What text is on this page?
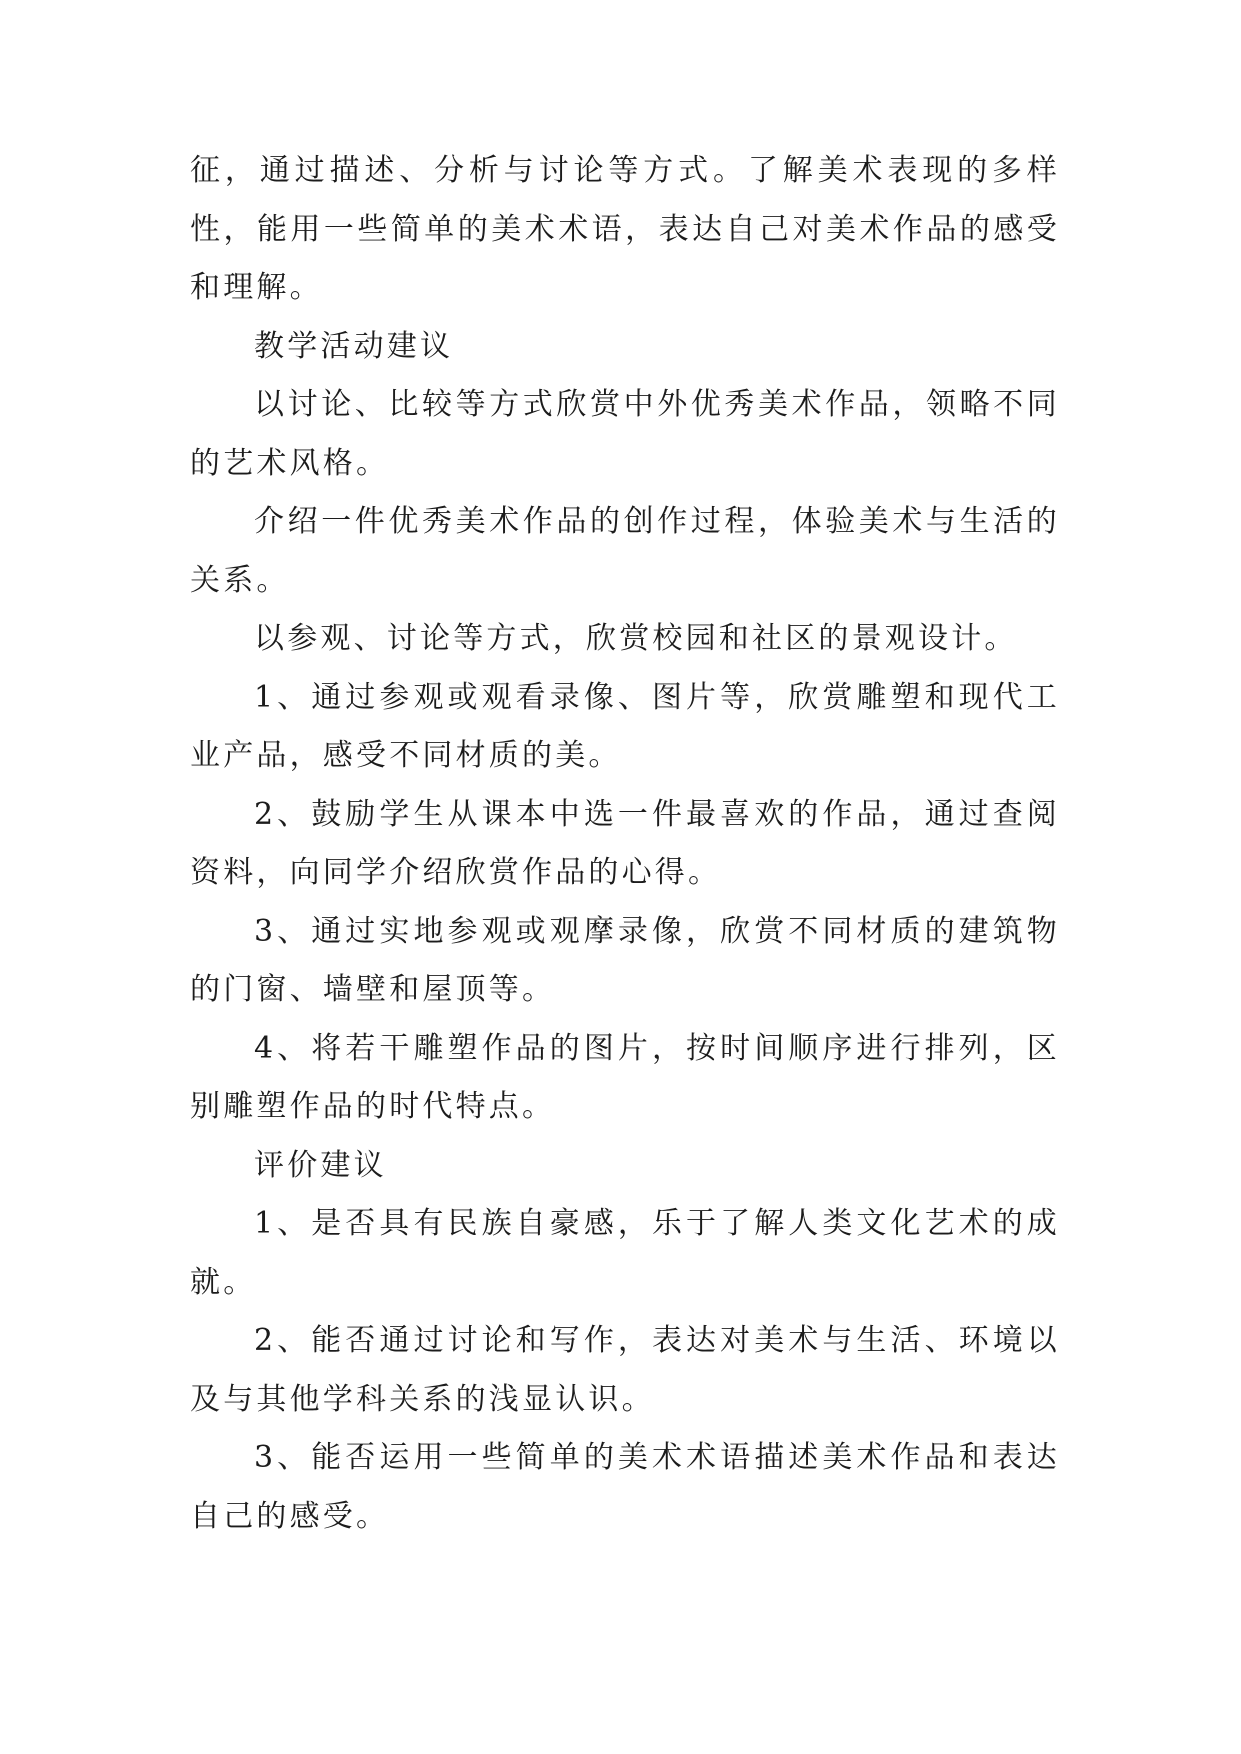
征，通过描述、分析与讨论等方式。了解美术表现的多样性，能用一些简单的美术术语，表达自己对美术作品的感受和理解。

教学活动建议

以讨论、比较等方式欣赏中外优秀美术作品，领略不同的艺术风格。

介绍一件优秀美术作品的创作过程，体验美术与生活的关系。

以参观、讨论等方式，欣赏校园和社区的景观设计。

1、通过参观或观看录像、图片等，欣赏雕塑和现代工业产品，感受不同材质的美。

2、鼓励学生从课本中选一件最喜欢的作品，通过查阅资料，向同学介绍欣赏作品的心得。

3、通过实地参观或观摩录像，欣赏不同材质的建筑物的门窗、墙壁和屋顶等。

4、将若干雕塑作品的图片，按时间顺序进行排列，区别雕塑作品的时代特点。

评价建议

1、是否具有民族自豪感，乐于了解人类文化艺术的成就。

2、能否通过讨论和写作，表达对美术与生活、环境以及与其他学科关系的浅显认识。

3、能否运用一些简单的美术术语描述美术作品和表达自己的感受。
